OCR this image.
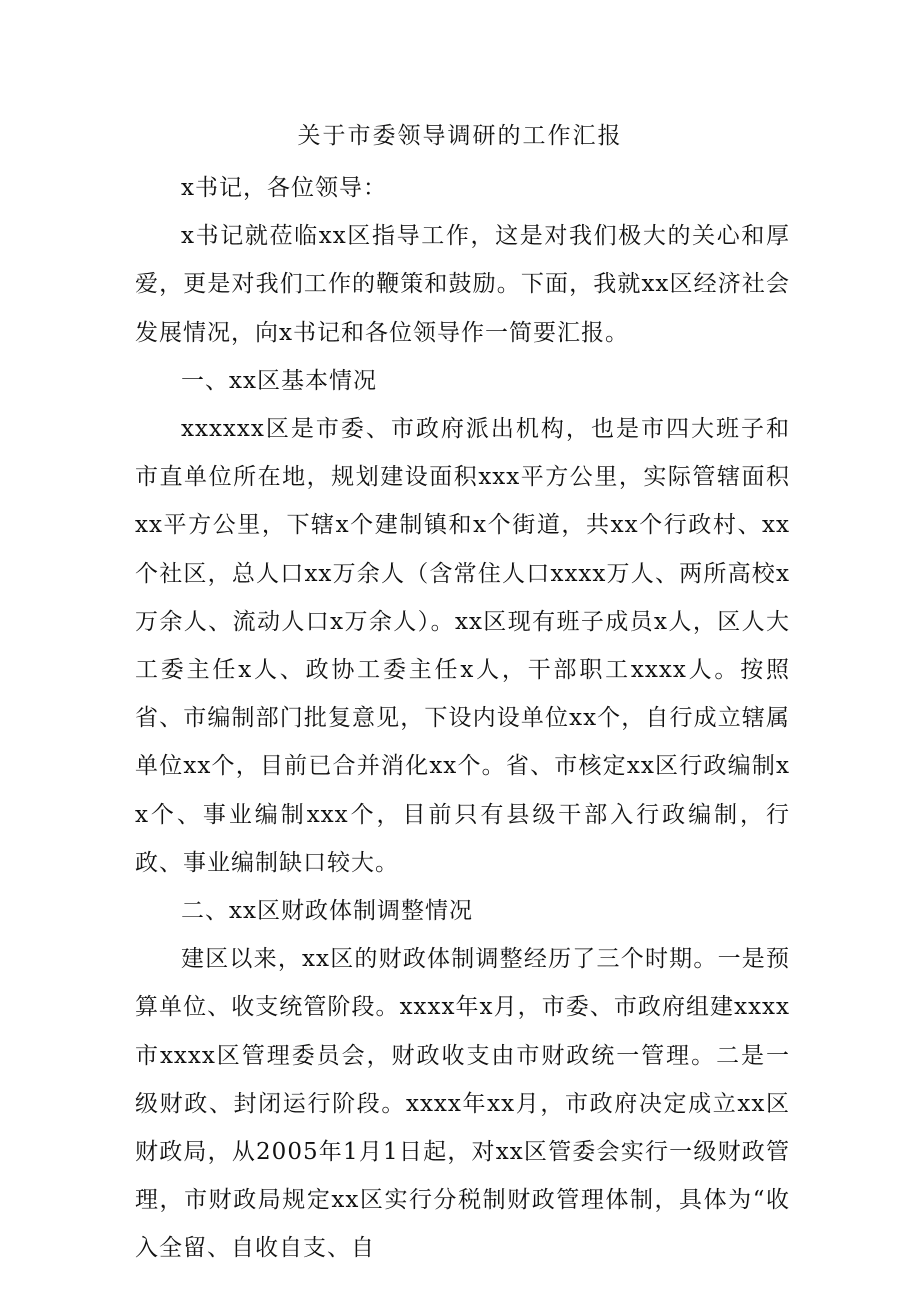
关于市委领导调研的工作汇报

x书记，各位领导：

x书记就莅临xx区指导工作，这是对我们极大的关心和厚爱，更是对我们工作的鞭策和鼓励。下面，我就xx区经济社会发展情况，向x书记和各位领导作一简要汇报。

一、xx区基本情况

xxxxxx区是市委、市政府派出机构，也是市四大班子和市直单位所在地，规划建设面积xxx平方公里，实际管辖面积xx平方公里，下辖x个建制镇和x个街道，共xx个行政村、xx个社区，总人口xx万余人（含常住人口xxxx万人、两所高校x万余人、流动人口x万余人）。xx区现有班子成员x人，区人大工委主任x人、政协工委主任x人，干部职工xxxx人。按照省、市编制部门批复意见，下设内设单位xx个，自行成立辖属单位xx个，目前已合并消化xx个。省、市核定xx区行政编制xx个、事业编制xxx个，目前只有县级干部入行政编制，行政、事业编制缺口较大。

二、xx区财政体制调整情况

建区以来，xx区的财政体制调整经历了三个时期。一是预算单位、收支统管阶段。xxxx年x月，市委、市政府组建xxxx市xxxx区管理委员会，财政收支由市财政统一管理。二是一级财政、封闭运行阶段。xxxx年xx月，市政府决定成立xx区财政局，从2005年1月1日起，对xx区管委会实行一级财政管理，市财政局规定xx区实行分税制财政管理体制，具体为“收入全留、自收自支、自
